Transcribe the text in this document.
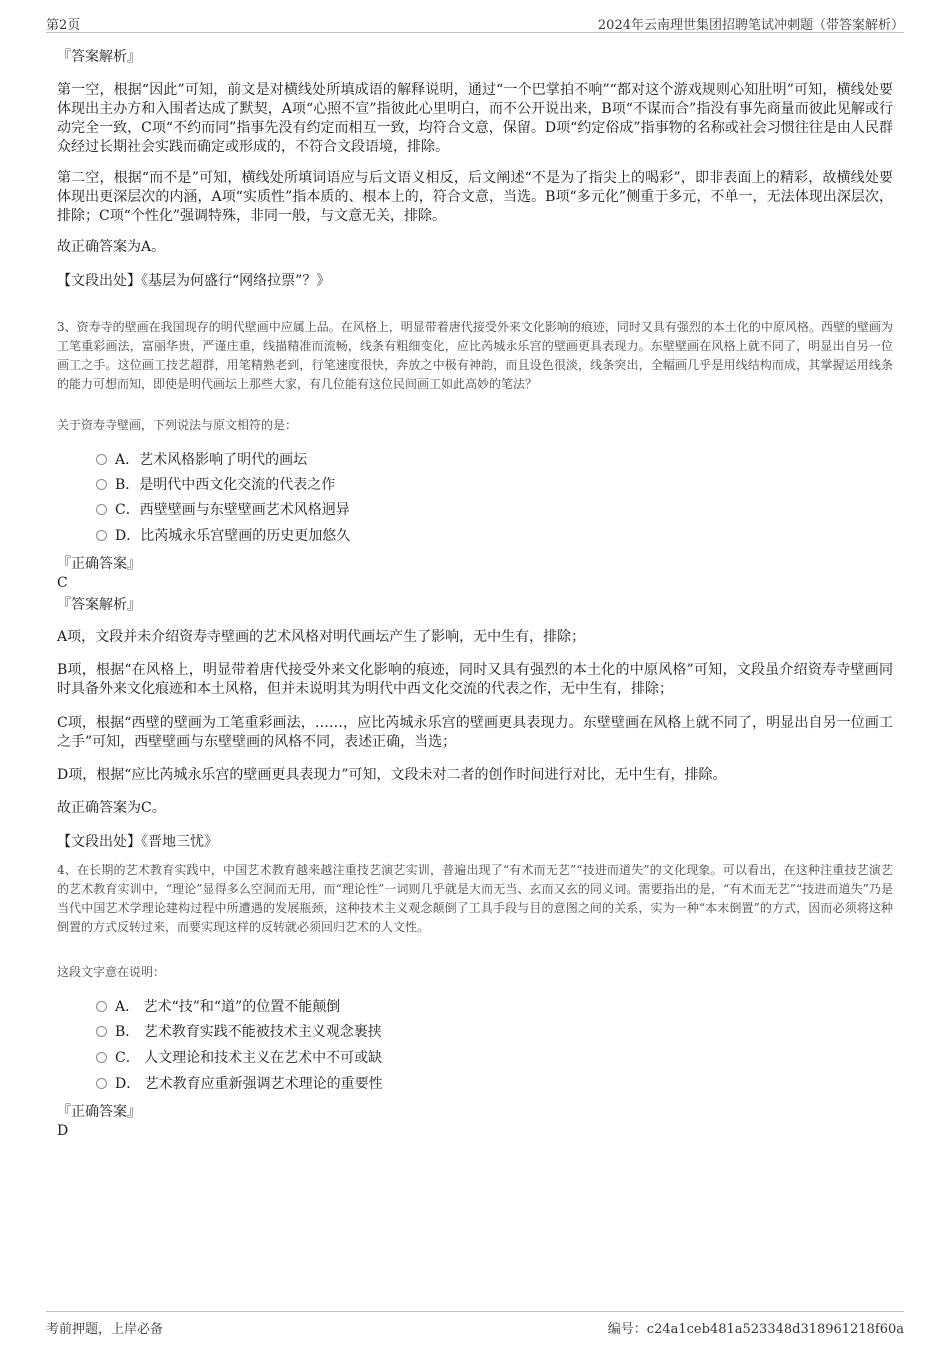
第2页	2024年云南理世集团招聘笔试冲刺题（带答案解析）
『答案解析』
第一空，根据“因此”可知，前文是对横线处所填成语的解释说明，通过“一个巴掌拍不响”“都对这个游戏规则心知肚明”可知，横线处要体现出主办方和入围者达成了默契，A项“心照不宣”指彼此心里明白，而不公开说出来，B项“不谋而合”指没有事先商量而彼此见解或行动完全一致，C项“不约而同”指事先没有约定而相互一致，均符合文意，保留。D项“约定俗成”指事物的名称或社会习惯往往是由人民群众经过长期社会实践而确定或形成的，不符合文段语境，排除。
第二空，根据“而不是”可知，横线处所填词语应与后文语义相反，后文阐述“不是为了指尖上的喝彩”，即非表面上的精彩，故横线处要体现出更深层次的内涵，A项“实质性”指本质的、根本上的，符合文意，当选。B项“多元化”侧重于多元，不单一，无法体现出深层次，排除；C项“个性化”强调特殊，非同一般，与文意无关，排除。
故正确答案为A。
【文段出处】《基层为何盛行“网络拉票”？》
3、资寿寺的壁画在我国现存的明代壁画中应属上品。在风格上，明显带着唐代接受外来文化影响的痕迹，同时又具有强烈的本土化的中原风格。西壁的壁画为工笔重彩画法，富丽华贵，严谨庄重，线描精准而流畅，线条有粗细变化，应比芮城永乐宫的壁画更具表现力。东壁壁画在风格上就不同了，明显出自另一位画工之手。这位画工技艺超群，用笔精熟老到，行笔速度很快，奔放之中极有神韵，而且设色很淡，线条突出，全幅画几乎是用线结构而成，其掌握运用线条的能力可想而知，即使是明代画坛上那些大家，有几位能有这位民间画工如此高妙的笔法？
关于资寿寺壁画，下列说法与原文相符的是：
A．艺术风格影响了明代的画坛
B．是明代中西文化交流的代表之作
C．西壁壁画与东壁壁画艺术风格迥异
D．比芮城永乐宫壁画的历史更加悠久
『正确答案』
C
『答案解析』
A项，文段并未介绍资寿寺壁画的艺术风格对明代画坛产生了影响，无中生有，排除；
B项，根据“在风格上，明显带着唐代接受外来文化影响的痕迹，同时又具有强烈的本土化的中原风格”可知，文段虽介绍资寿寺壁画同时具备外来文化痕迹和本土风格，但并未说明其为明代中西文化交流的代表之作，无中生有，排除；
C项，根据“西壁的壁画为工笔重彩画法，……，应比芮城永乐宫的壁画更具表现力。东壁壁画在风格上就不同了，明显出自另一位画工之手”可知，西壁壁画与东壁壁画的风格不同，表述正确，当选；
D项，根据“应比芮城永乐宫的壁画更具表现力”可知，文段未对二者的创作时间进行对比，无中生有，排除。
故正确答案为C。
【文段出处】《晋地三忧》
4、在长期的艺术教育实践中，中国艺术教育越来越注重技艺演艺实训，普遍出现了“有术而无艺”“技进而道失”的文化现象。可以看出，在这种注重技艺演艺的艺术教育实训中，“理论”显得多么空洞而无用，而“理论性”一词则几乎就是大而无当、玄而又玄的同义词。需要指出的是，“有术而无艺”“技进而道失”乃是当代中国艺术学理论建构过程中所遭遇的发展瓶颈，这种技术主义观念颠倒了工具手段与目的意图之间的关系，实为一种“本末倒置”的方式，因而必须将这种倒置的方式反转过来，而要实现这样的反转就必须回归艺术的人文性。
这段文字意在说明：
A． 艺术“技”和“道”的位置不能颠倒
B． 艺术教育实践不能被技术主义观念裹挟
C． 人文理论和技术主义在艺术中不可或缺
D． 艺术教育应重新强调艺术理论的重要性
『正确答案』
D
考前押题，上岸必备	编号：c24a1ceb481a523348d318961218f60a
